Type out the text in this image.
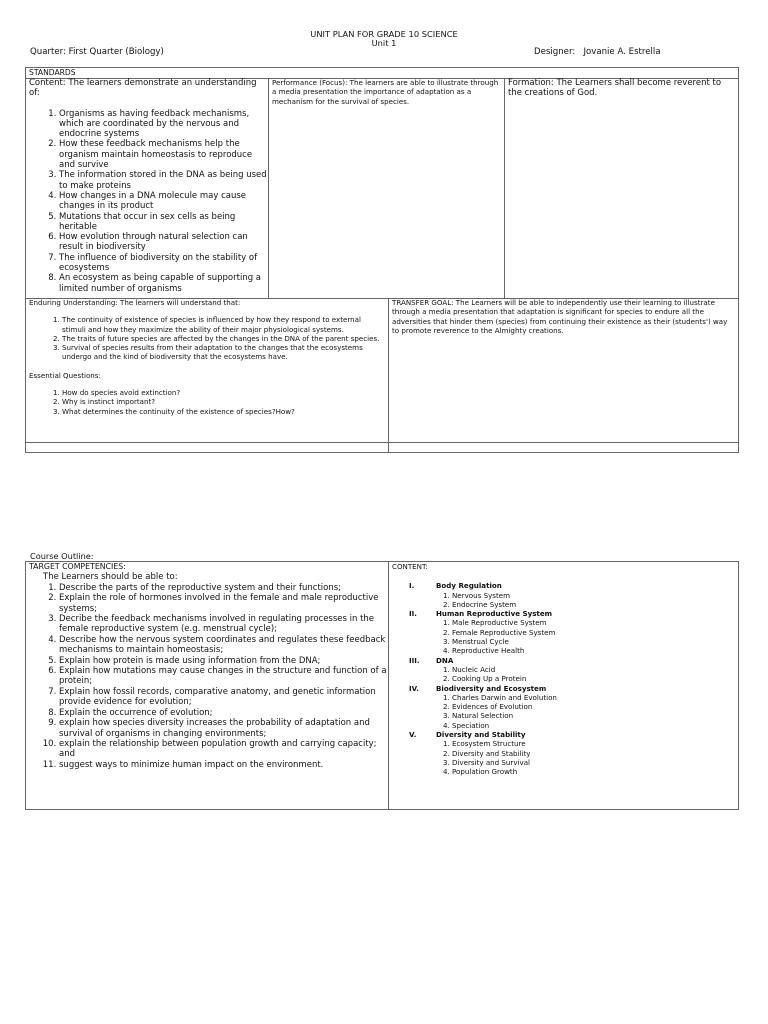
UNIT PLAN FOR GRADE 10 SCIENCE
Unit 1
Quarter: First Quarter (Biology)	Designer: Jovanie A. Estrella
STANDARDS

Content: The learners demonstrate an understanding of:

1. Organisms as having feedback mechanisms, which are coordinated by the nervous and endocrine systems
2. How these feedback mechanisms help the organism maintain homeostasis to reproduce and survive
3. The information stored in the DNA as being used to make proteins
4. How changes in a DNA molecule may cause changes in its product
5. Mutations that occur in sex cells as being heritable
6. How evolution through natural selection can result in biodiversity
7. The influence of biodiversity on the stability of ecosystems
8. An ecosystem as being capable of supporting a limited number of organisms
Performance (Focus): The learners are able to illustrate through a media presentation the importance of adaptation as a mechanism for the survival of species.
Formation: The Learners shall become reverent to the creations of God.

Enduring Understanding: The learners will understand that:

1. The continuity of existence of species is influenced by how they respond to external stimuli and how they maximize the ability of their major physiological systems.
2. The traits of future species are affected by the changes in the DNA of the parent species.
3. Survival of species results from their adaptation to the changes that the ecosystems undergo and the kind of biodiversity that the ecosystems have.

Essential Questions:

1. How do species avoid extinction?
2. Why is instinct important?
3. What determines the continuity of the existence of species?How?
TRANSFER GOAL: The Learners will be able to independently use their learning to illustrate through a media presentation that adaptation is significant for species to endure all the adversities that hinder them (species) from continuing their existence as their (students') way to promote reverence to the Almighty creations.
Course Outline:

TARGET COMPETENCIES:

The Learners should be able to:

1. Describe the parts of the reproductive system and their functions;
2. Explain the role of hormones involved in the female and male reproductive systems;
3. Decribe the feedback mechanisms involved in regulating processes in the female reproductive system (e.g. menstrual cycle);
4. Describe how the nervous system coordinates and regulates these feedback mechanisms to maintain homeostasis;
5. Explain how protein is made using information from the DNA;
6. Explain how mutations may cause changes in the structure and function of a protein;
7. Explain how fossil records, comparative anatomy, and genetic information provide evidence for evolution;
8. Explain the occurrence of evolution;
9. explain how species diversity increases the probability of adaptation and survival of organisms in changing environments;
10. explain the relationship between population growth and carrying capacity; and
11. suggest ways to minimize human impact on the environment.

CONTENT:

I.	Body Regulation
1. Nervous System
2. Endocrine System
II.	Human Reproductive System
1. Male Reproductive System
2. Female Reproductive System
3. Menstrual Cycle
4. Reproductive Health
III. DNA
1. Nucleic Acid
2. Cooking Up a Protein
IV. Biodiversity and Ecosystem
1. Charles Darwin and Evolution
2. Evidences of Evolution
3. Natural Selection
4. Speciation
V.	Diversity and Stability
1. Ecosystem Structure
2. Diversity and Stability
3. Diversity and Survival
4. Population Growth
